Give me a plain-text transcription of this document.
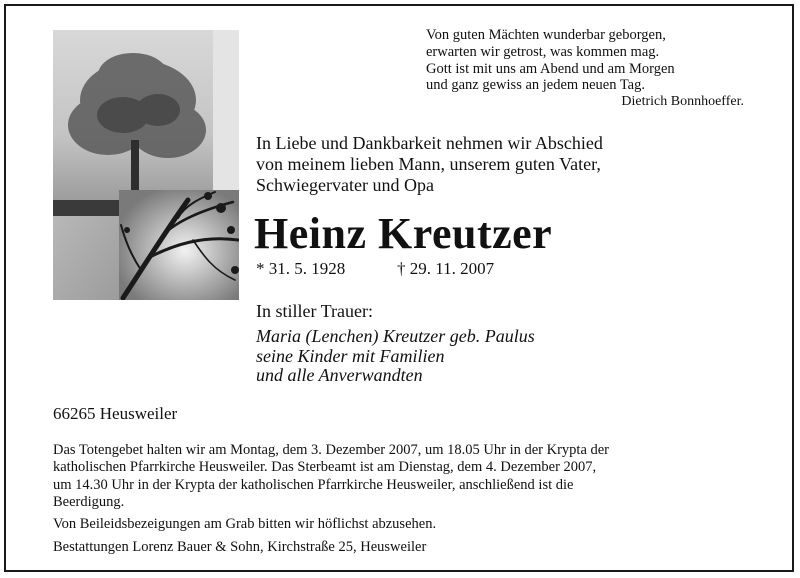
Von guten Mächten wunderbar geborgen,
erwarten wir getrost, was kommen mag.
Gott ist mit uns am Abend und am Morgen
und ganz gewiss an jedem neuen Tag.
Dietrich Bonnhoeffer.
In Liebe und Dankbarkeit nehmen wir Abschied
von meinem lieben Mann, unserem guten Vater,
Schwiegervater und Opa
Heinz Kreutzer
* 31. 5. 1928	† 29. 11. 2007
In stiller Trauer:
Maria (Lenchen) Kreutzer geb. Paulus
seine Kinder mit Familien
und alle Anverwandten
66265 Heusweiler
Das Totengebet halten wir am Montag, dem 3. Dezember 2007, um 18.05 Uhr in der Krypta der
katholischen Pfarrkirche Heusweiler. Das Sterbeamt ist am Dienstag, dem 4. Dezember 2007,
um 14.30 Uhr in der Krypta der katholischen Pfarrkirche Heusweiler, anschließend ist die
Beerdigung.
Von Beileidsbezeigungen am Grab bitten wir höflichst abzusehen.
Bestattungen Lorenz Bauer & Sohn, Kirchstraße 25, Heusweiler
